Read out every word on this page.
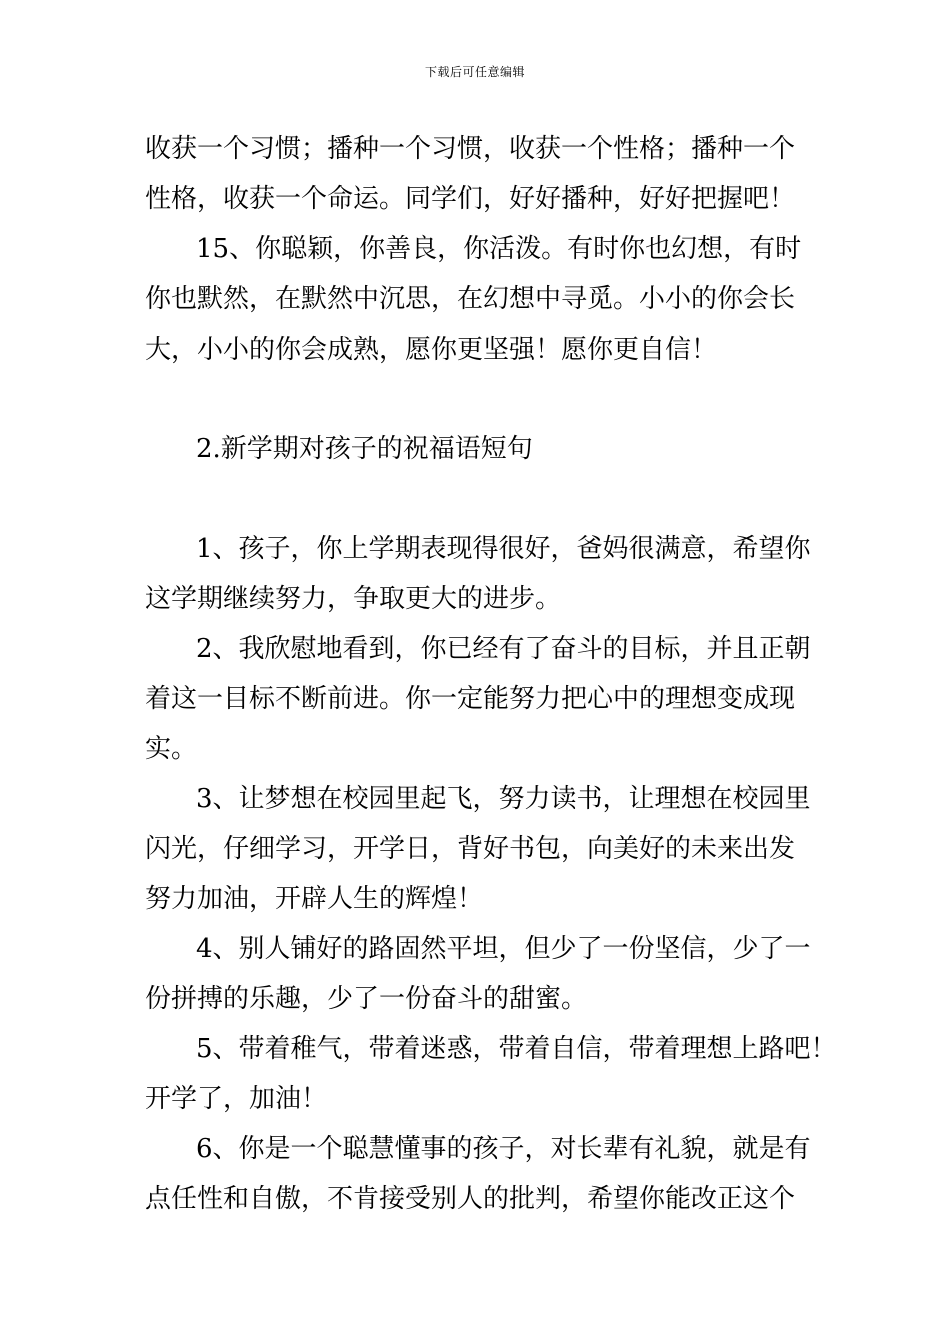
下载后可任意编辑

收获一个习惯；播种一个习惯，收获一个性格；播种一个

性格，收获一个命运。同学们，好好播种，好好把握吧！

15、你聪颖，你善良，你活泼。有时你也幻想，有时

你也默然，在默然中沉思，在幻想中寻觅。小小的你会长

大，小小的你会成熟，愿你更坚强！愿你更自信！

2.新学期对孩子的祝福语短句

1、孩子，你上学期表现得很好，爸妈很满意，希望你

这学期继续努力，争取更大的进步。

2、我欣慰地看到，你已经有了奋斗的目标，并且正朝

着这一目标不断前进。你一定能努力把心中的理想变成现

实。

3、让梦想在校园里起飞，努力读书，让理想在校园里

闪光，仔细学习，开学日，背好书包，向美好的未来出发

努力加油，开辟人生的辉煌！

4、别人铺好的路固然平坦，但少了一份坚信，少了一

份拼搏的乐趣，少了一份奋斗的甜蜜。

5、带着稚气，带着迷惑，带着自信，带着理想上路吧！

开学了，加油！

6、你是一个聪慧懂事的孩子，对长辈有礼貌，就是有

点任性和自傲，不肯接受别人的批判，希望你能改正这个
